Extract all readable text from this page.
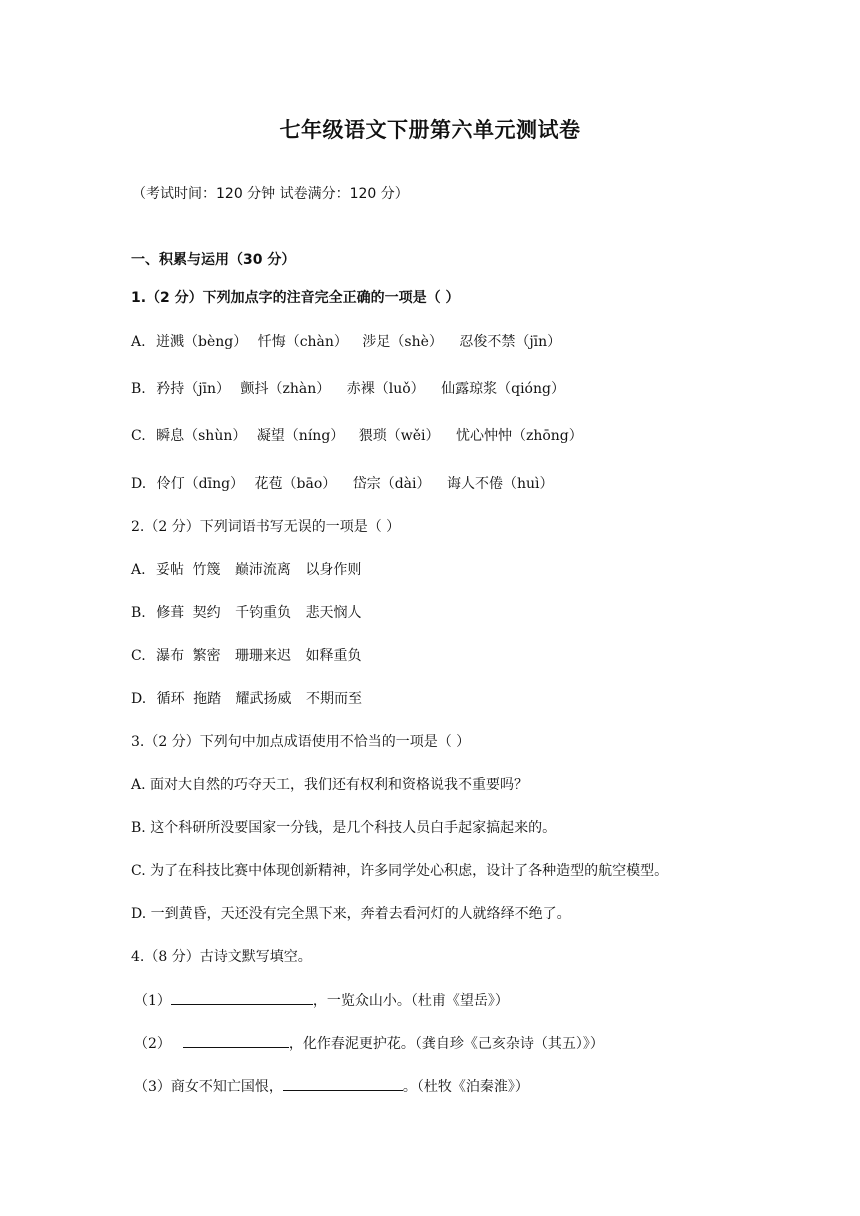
七年级语文下册第六单元测试卷
（考试时间：120 分钟 试卷满分：120 分）
一、积累与运用（30 分）
1.（2 分）下列加点字的注音完全正确的一项是（ ）
A. 迸溅（bèng） 忏悔（chàn） 涉足（shè） 忍俊不禁（jīn）
B. 矜持（jīn） 颤抖（zhàn） 赤裸（luǒ） 仙露琼浆（qióng）
C. 瞬息（shùn） 凝望（níng） 猥琐（wěi） 忧心忡忡（zhōng）
D. 伶仃（dīng） 花苞（bāo） 岱宗（dài） 诲人不倦（huì）
2.（2 分）下列词语书写无误的一项是（ ）
A. 妥帖 竹篾 巅沛流离 以身作则
B. 修葺 契约 千钧重负 悲天悯人
C. 瀑布 繁密 珊珊来迟 如释重负
D. 循环 拖踏 耀武扬威 不期而至
3.（2 分）下列句中加点成语使用不恰当的一项是（ ）
A. 面对大自然的巧夺天工，我们还有权利和资格说我不重要吗？
B. 这个科研所没要国家一分钱，是几个科技人员白手起家搞起来的。
C. 为了在科技比赛中体现创新精神，许多同学处心积虑，设计了各种造型的航空模型。
D. 一到黄昏，天还没有完全黑下来，奔着去看河灯的人就络绎不绝了。
4.（8 分）古诗文默写填空。
（1）	，一览众山小。（杜甫《望岳》）
（2）	，化作春泥更护花。（龚自珍《己亥杂诗（其五）》）
（3）商女不知亡国恨，	。（杜牧《泊秦淮》）
